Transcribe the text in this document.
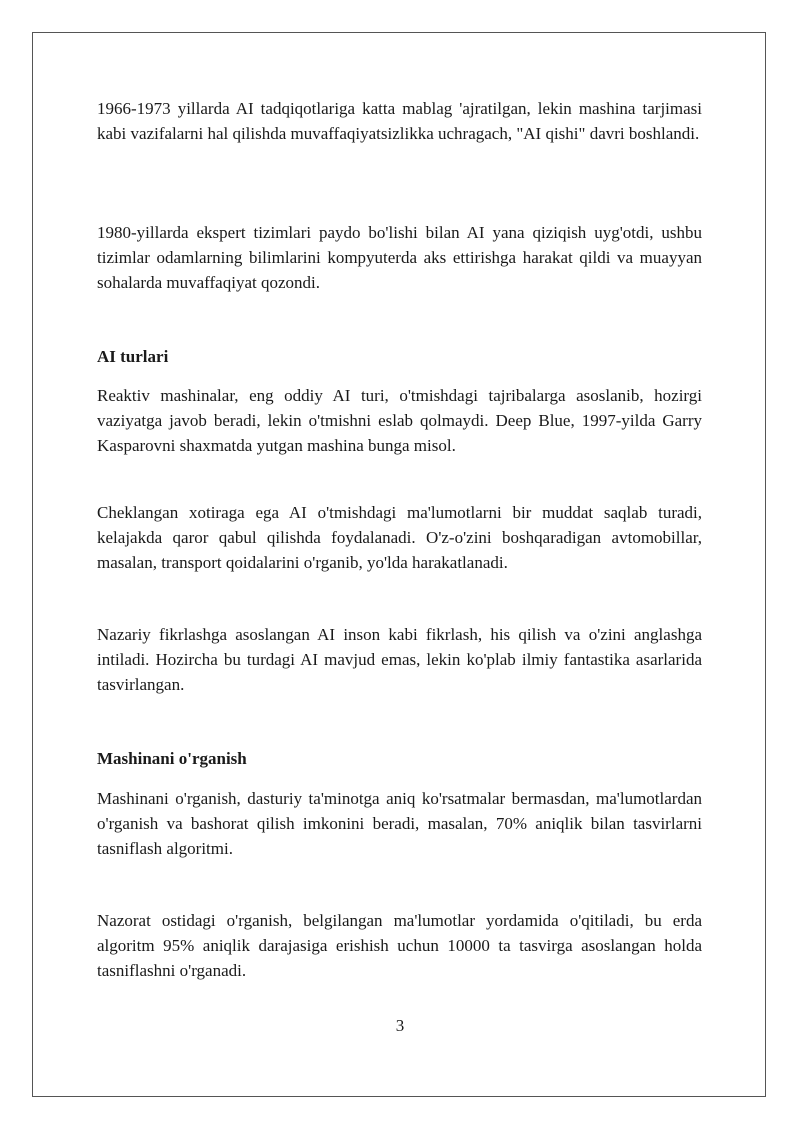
1966-1973 yillarda AI tadqiqotlariga katta mablag 'ajratilgan, lekin mashina tarjimasi kabi vazifalarni hal qilishda muvaffaqiyatsizlikka uchragach, "AI qishi" davri boshlandi.

1980-yillarda ekspert tizimlari paydo bo'lishi bilan AI yana qiziqish uyg'otdi, ushbu tizimlar odamlarning bilimlarini kompyuterda aks ettirishga harakat qildi va muayyan sohalarda muvaffaqiyat qozondi.

AI turlari

Reaktiv mashinalar, eng oddiy AI turi, o'tmishdagi tajribalarga asoslanib, hozirgi vaziyatga javob beradi, lekin o'tmishni eslab qolmaydi. Deep Blue, 1997-yilda Garry Kasparovni shaxmatda yutgan mashina bunga misol.

Cheklangan xotiraga ega AI o'tmishdagi ma'lumotlarni bir muddat saqlab turadi, kelajakda qaror qabul qilishda foydalanadi. O'z-o'zini boshqaradigan avtomobillar, masalan, transport qoidalarini o'rganib, yo'lda harakatlanadi.

Nazariy fikrlashga asoslangan AI inson kabi fikrlash, his qilish va o'zini anglashga intiladi. Hozircha bu turdagi AI mavjud emas, lekin ko'plab ilmiy fantastika asarlarida tasvirlangan.

Mashinani o'rganish

Mashinani o'rganish, dasturiy ta'minotga aniq ko'rsatmalar bermasdan, ma'lumotlardan o'rganish va bashorat qilish imkonini beradi, masalan, 70% aniqlik bilan tasvirlarni tasniflash algoritmi.

Nazorat ostidagi o'rganish, belgilangan ma'lumotlar yordamida o'qitiladi, bu erda algoritm 95% aniqlik darajasiga erishish uchun 10000 ta tasvirga asoslangan holda tasniflashni o'rganadi.

3
